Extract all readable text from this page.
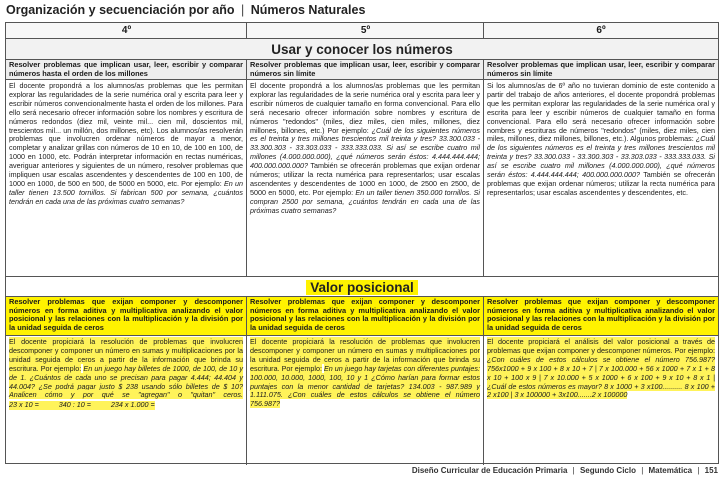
Organización y secuenciación por año | Números Naturales
4º	5º	6º
Usar y conocer los números
Resolver problemas que implican usar, leer, escribir y comparar números hasta el orden de los millones
Resolver problemas que implican usar, leer, escribir y comparar números sin límite
Resolver problemas que implican usar, leer, escribir y comparar números sin límite
El docente propondrá a los alumnos/as problemas que les permitan explorar las regularidades de la serie numérica oral y escrita para leer y escribir números convencionalmente hasta el orden de los millones. Para ello será necesario ofrecer información sobre los nombres y escritura de números redondos (diez mil, veinte mil... cien mil, doscientos mil, trescientos mil... un millón, dos millones, etc). Los alumnos/as resolverán problemas que involucren ordenar números de mayor a menor, completar y analizar grillas con números de 10 en 10, de 100 en 100, de 1000 en 1000, etc. Podrán interpretar información en rectas numéricas, averiguar anteriores y siguientes de un número, resolver problemas que impliquen usar escalas ascendentes y descendentes de 100 en 100, de 1000 en 1000, de 500 en 500, de 5000 en 5000, etc. Por ejemplo: En un taller tienen 13.500 tornillos. Si fabrican 500 por semana, ¿cuántos tendrán en cada una de las próximas cuatro semanas?
El docente propondrá a los alumnos/as problemas que les permitan explorar las regularidades de la serie numérica oral y escrita para leer y escribir números de cualquier tamaño en forma convencional. Para ello será necesario ofrecer información sobre nombres y escritura de números "redondos" (miles, diez miles, cien miles, millones, diez millones, billones, etc.) Por ejemplo: ¿Cuál de los siguientes números es el treinta y tres millones trescientos mil treinta y tres? 33.300.033 - 33.300.303 - 33.303.033 - 333.333.033. Si así se escribe cuatro mil millones (4.000.000.000), ¿qué números serán éstos: 4.444.444.444; 400.000.000.000? También se ofrecerán problemas que exijan ordenar números; utilizar la recta numérica para representarlos; usar escalas ascendentes y descendentes de 1000 en 1000, de 2500 en 2500, de 5000 en 5000, etc. Por ejemplo: En un taller tienen 350.000 tornillos. Si compran 2500 por semana, ¿cuántos tendrán en cada una de las próximas cuatro semanas?
Si los alumnos/as de 6º año no tuvieran dominio de este contenido a partir del trabajo de años anteriores, el docente propondrá problemas que les permitan explorar las regularidades de la serie numérica oral y escrita para leer y escribir números de cualquier tamaño en forma convencional. Para ello será necesario ofrecer información sobre nombres y escrituras de números "redondos" (miles, diez miles, cien miles, millones, diez millones, billones, etc.). Algunos problemas: ¿Cuál de los siguientes números es el treinta y tres millones trescientos mil treinta y tres? 33.300.033 - 33.300.303 - 33.303.033 - 333.333.033. Si así se escribe cuatro mil millones (4.000.000.000), ¿qué números serán éstos: 4.444.444.444; 400.000.000.000? También se ofrecerán problemas que exijan ordenar números; utilizar la recta numérica para representarlos; usar escalas ascendentes y descendentes, etc.
Valor posicional
Resolver problemas que exijan componer y descomponer números en forma aditiva y multiplicativa analizando el valor posicional y las relaciones con la multiplicación y la división por la unidad seguida de ceros
Resolver problemas que exijan componer y descomponer números en forma aditiva y multiplicativa analizando el valor posicional y las relaciones con la multiplicación y la división por la unidad seguida de ceros
Resolver problemas que exijan componer y descomponer números en forma aditiva y multiplicativa analizando el valor posicional y las relaciones con la multiplicación y la división por la unidad seguida de ceros
El docente propiciará la resolución de problemas que involucren descomponer y componer un número en sumas y multiplicaciones por la unidad seguida de ceros a partir de la información que brinda su escritura. Por ejemplo: En un juego hay billetes de 1000, de 100, de 10 y de 1. ¿Cuántos de cada uno se precisan para pagar 4.444; 44.404 y 44.004? ¿Se podrá pagar justo $ 238 usando sólo billetes de $ 10? Analicen cómo y por qué se "agregan" o "quitan" ceros. 23 x 10 =          340 : 10 =          234 x 1.000 =
El docente propiciará la resolución de problemas que involucren descomponer y componer un número en sumas y multiplicaciones por la unidad seguida de ceros a partir de la información que brinda su escritura. Por ejemplo: En un juego hay tarjetas con diferentes puntajes: 100.000, 10.000, 1000, 100, 10 y 1 ¿Cómo harían para formar estos puntajes con la menor cantidad de tarjetas? 134.003 - 987.989 y 1.111.075. ¿Con cuáles de estos cálculos se obtiene el número 756.987?
El docente propiciará el análisis del valor posicional a través de problemas que exijan componer y descomponer números. Por ejemplo: ¿Con cuáles de estos cálculos se obtiene el número 756.987? 756x1000 + 9 x 100 + 8 x 10 + 7 | 7 x 100.000 + 56 x 1000 + 7 x 1 + 8 x 10 + 100 x 9 | 7 x 10.000 + 5 x 1000 + 6 x 100 + 9 x 10 + 8 x 1 | ¿Cuál de estos números es mayor? 8 x 1000 + 3 x100.......... 8 x 100 + 2 x100 | 3 x 100000 + 3x100.......2 x 100000
Diseño Curricular de Educación Primaria | Segundo Ciclo | Matemática | 151
